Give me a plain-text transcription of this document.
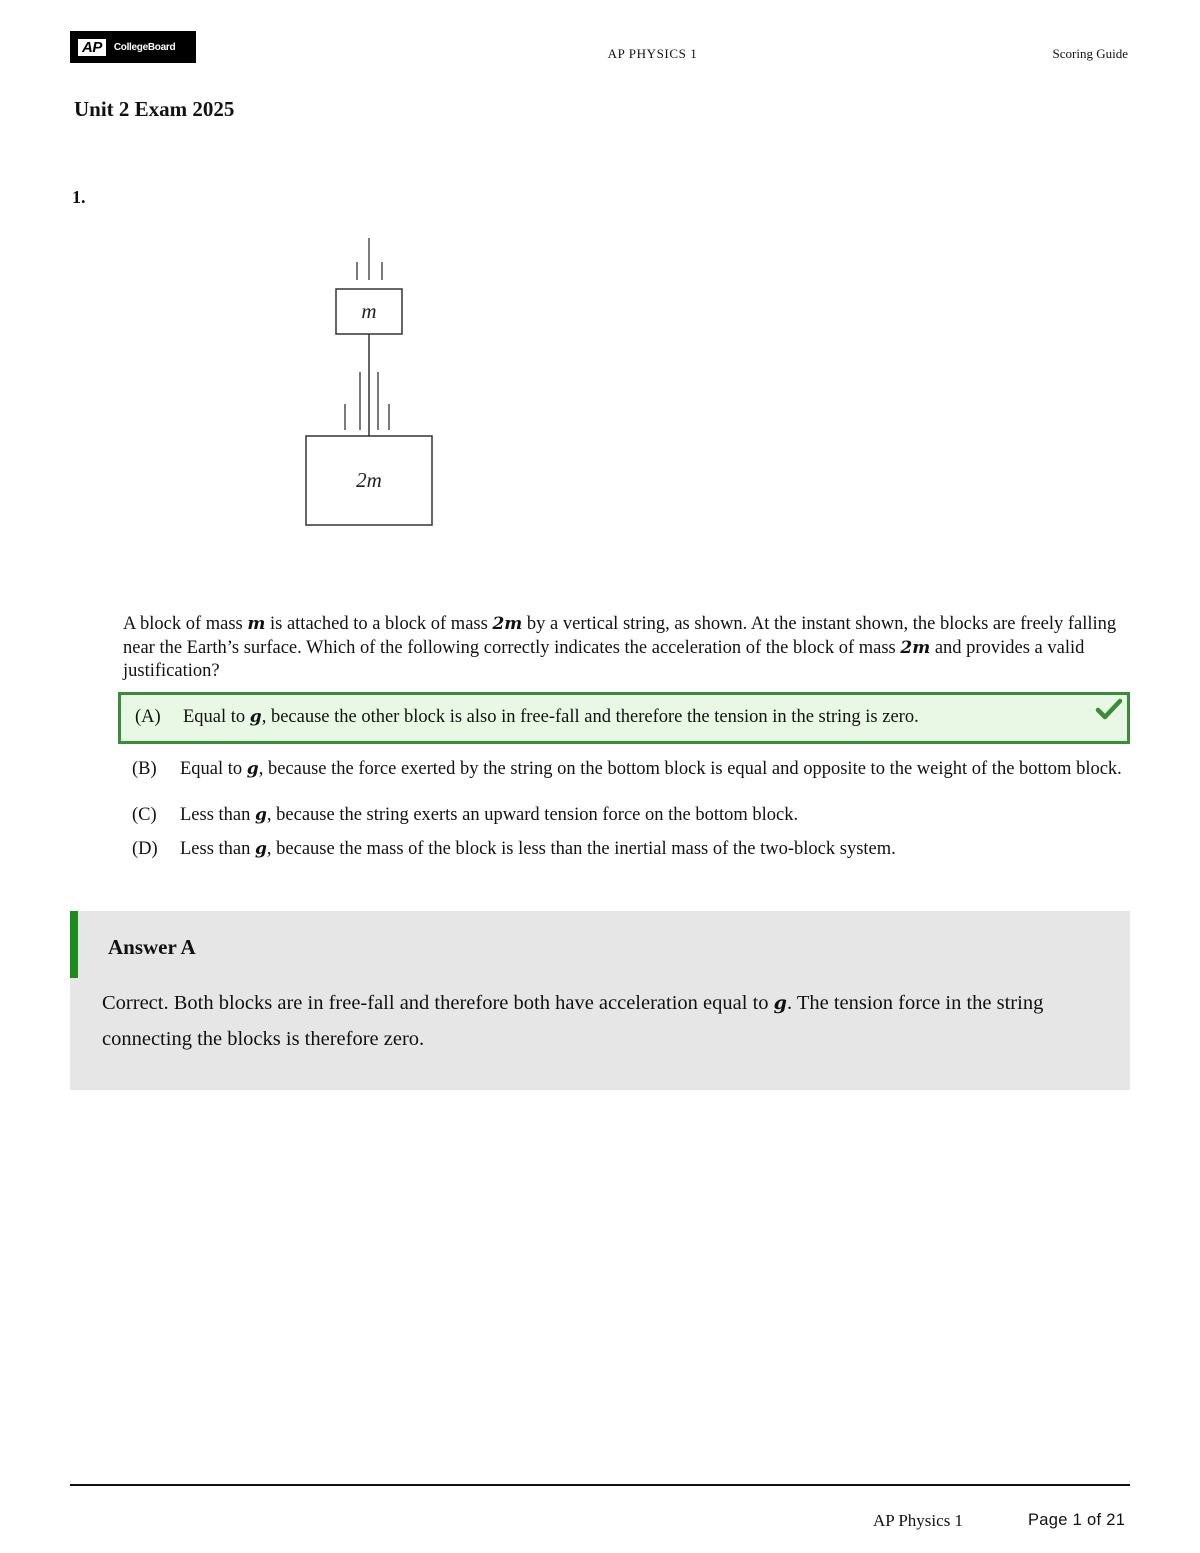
AP	CollegeBoard	AP PHYSICS 1	Scoring Guide
Unit 2 Exam 2025
1.
m
2m
A block of mass m is attached to a block of mass 2m by a vertical string, as shown. At the instant shown, the blocks are freely falling near the Earth’s surface. Which of the following correctly indicates the acceleration of the block of mass 2m and provides a valid justification?
(A)	Equal to g, because the other block is also in free-fall and therefore the tension in the string is zero.
(B)	Equal to g, because the force exerted by the string on the bottom block is equal and opposite to the weight of the bottom block.
(C)	Less than g, because the string exerts an upward tension force on the bottom block.
(D)	Less than g, because the mass of the block is less than the inertial mass of the two-block system.
Answer A
Correct. Both blocks are in free-fall and therefore both have acceleration equal to g. The tension force in the string connecting the blocks is therefore zero.
AP Physics 1	Page 1 of 21
